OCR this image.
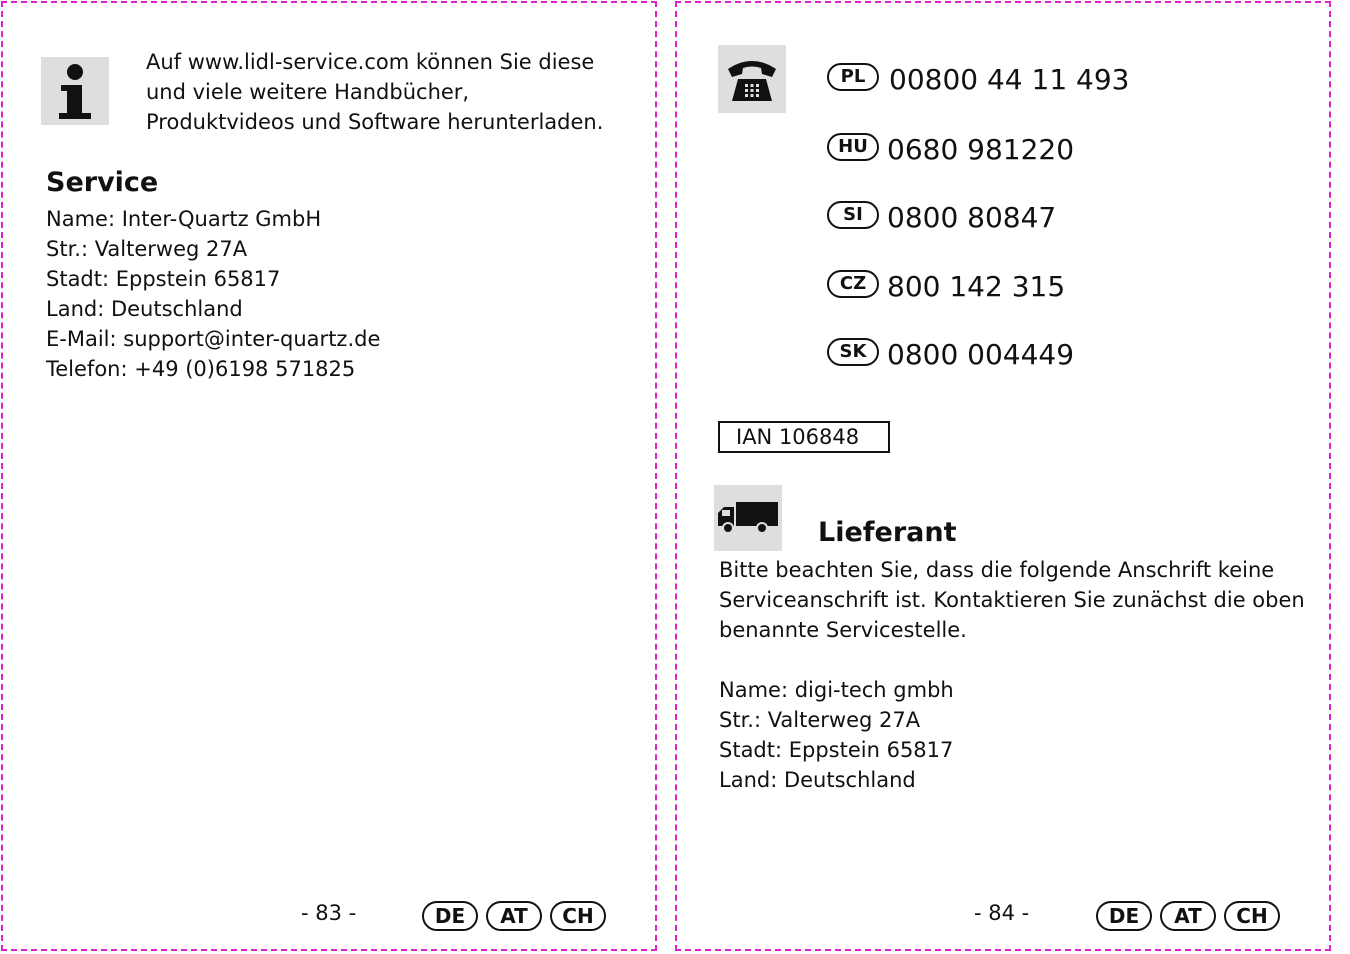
Auf www.lidl-service.com können Sie diese
und viele weitere Handbücher,
Produktvideos und Software herunterladen.
Service
Name: Inter-Quartz GmbH
Str.: Valterweg 27A
Stadt: Eppstein 65817
Land: Deutschland
E-Mail: support@inter-quartz.de
Telefon: +49 (0)6198 571825
- 83 -	DE	AT	CH
PL 00800 44 11 493
HU 0680 981220
SI 0800 80847
CZ 800 142 315
SK 0800 004449
IAN 106848
Lieferant
Bitte beachten Sie, dass die folgende Anschrift keine
Serviceanschrift ist. Kontaktieren Sie zunächst die oben
benannte Servicestelle.
Name: digi-tech gmbh
Str.: Valterweg 27A
Stadt: Eppstein 65817
Land: Deutschland
- 84 -	DE	AT	CH
